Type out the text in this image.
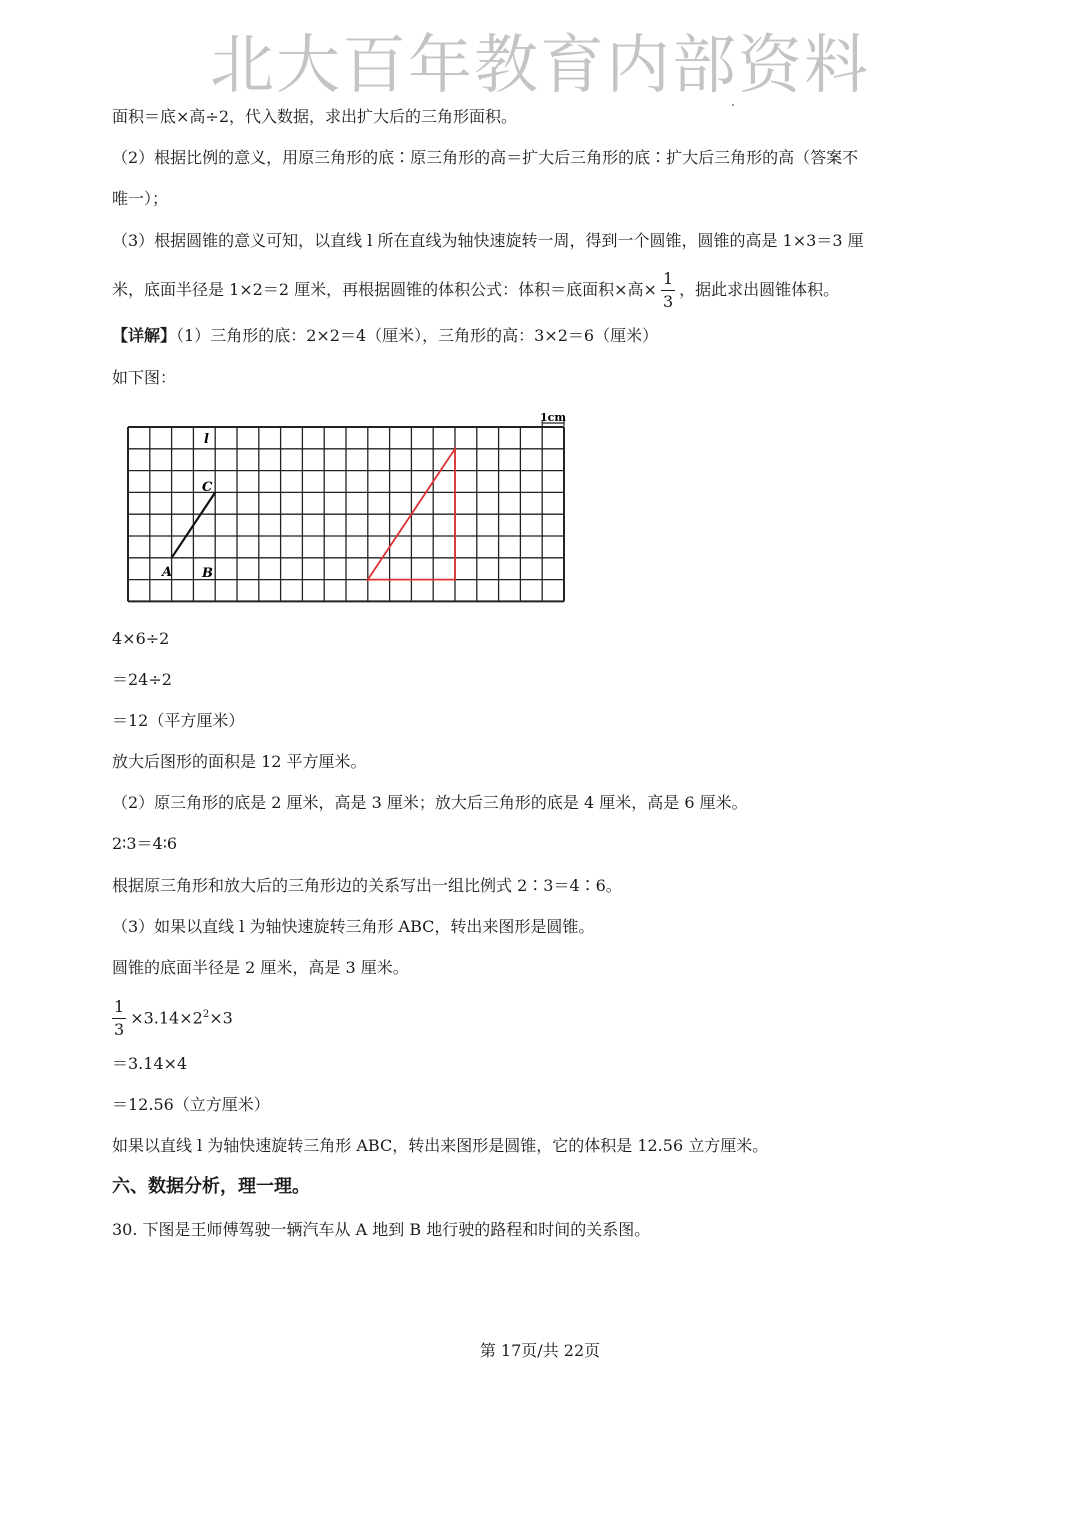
北大百年教育内部资料
面积＝底×高÷2，代入数据，求出扩大后的三角形面积。
（2）根据比例的意义，用原三角形的底∶原三角形的高＝扩大后三角形的底∶扩大后三角形的高（答案不
唯一）；
（3）根据圆锥的意义可知，以直线 l 所在直线为轴快速旋转一周，得到一个圆锥，圆锥的高是 1×3＝3 厘
米，底面半径是 1×2＝2 厘米，再根据圆锥的体积公式：体积＝底面积×高× $\frac{1}{3}$ ，据此求出圆锥体积。
【详解】（1）三角形的底：2×2＝4（厘米），三角形的高：3×2＝6（厘米）
如下图：
1cm
l
C
A B
4×6÷2
＝24÷2
＝12（平方厘米）
放大后图形的面积是 12 平方厘米。
（2）原三角形的底是 2 厘米，高是 3 厘米；放大后三角形的底是 4 厘米，高是 6 厘米。
2∶3＝4∶6
根据原三角形和放大后的三角形边的关系写出一组比例式 2∶3＝4∶6。
（3）如果以直线 l 为轴快速旋转三角形 ABC，转出来图形是圆锥。
圆锥的底面半径是 2 厘米，高是 3 厘米。
$\frac{1}{3} \times 3.14\times 2^2\times 3$
＝3.14×4
＝12.56（立方厘米）
如果以直线 l 为轴快速旋转三角形 ABC，转出来图形是圆锥，它的体积是 12.56 立方厘米。
六、数据分析，理一理。
30. 下图是王师傅驾驶一辆汽车从 A 地到 B 地行驶的路程和时间的关系图。
第 17页/共 22页
